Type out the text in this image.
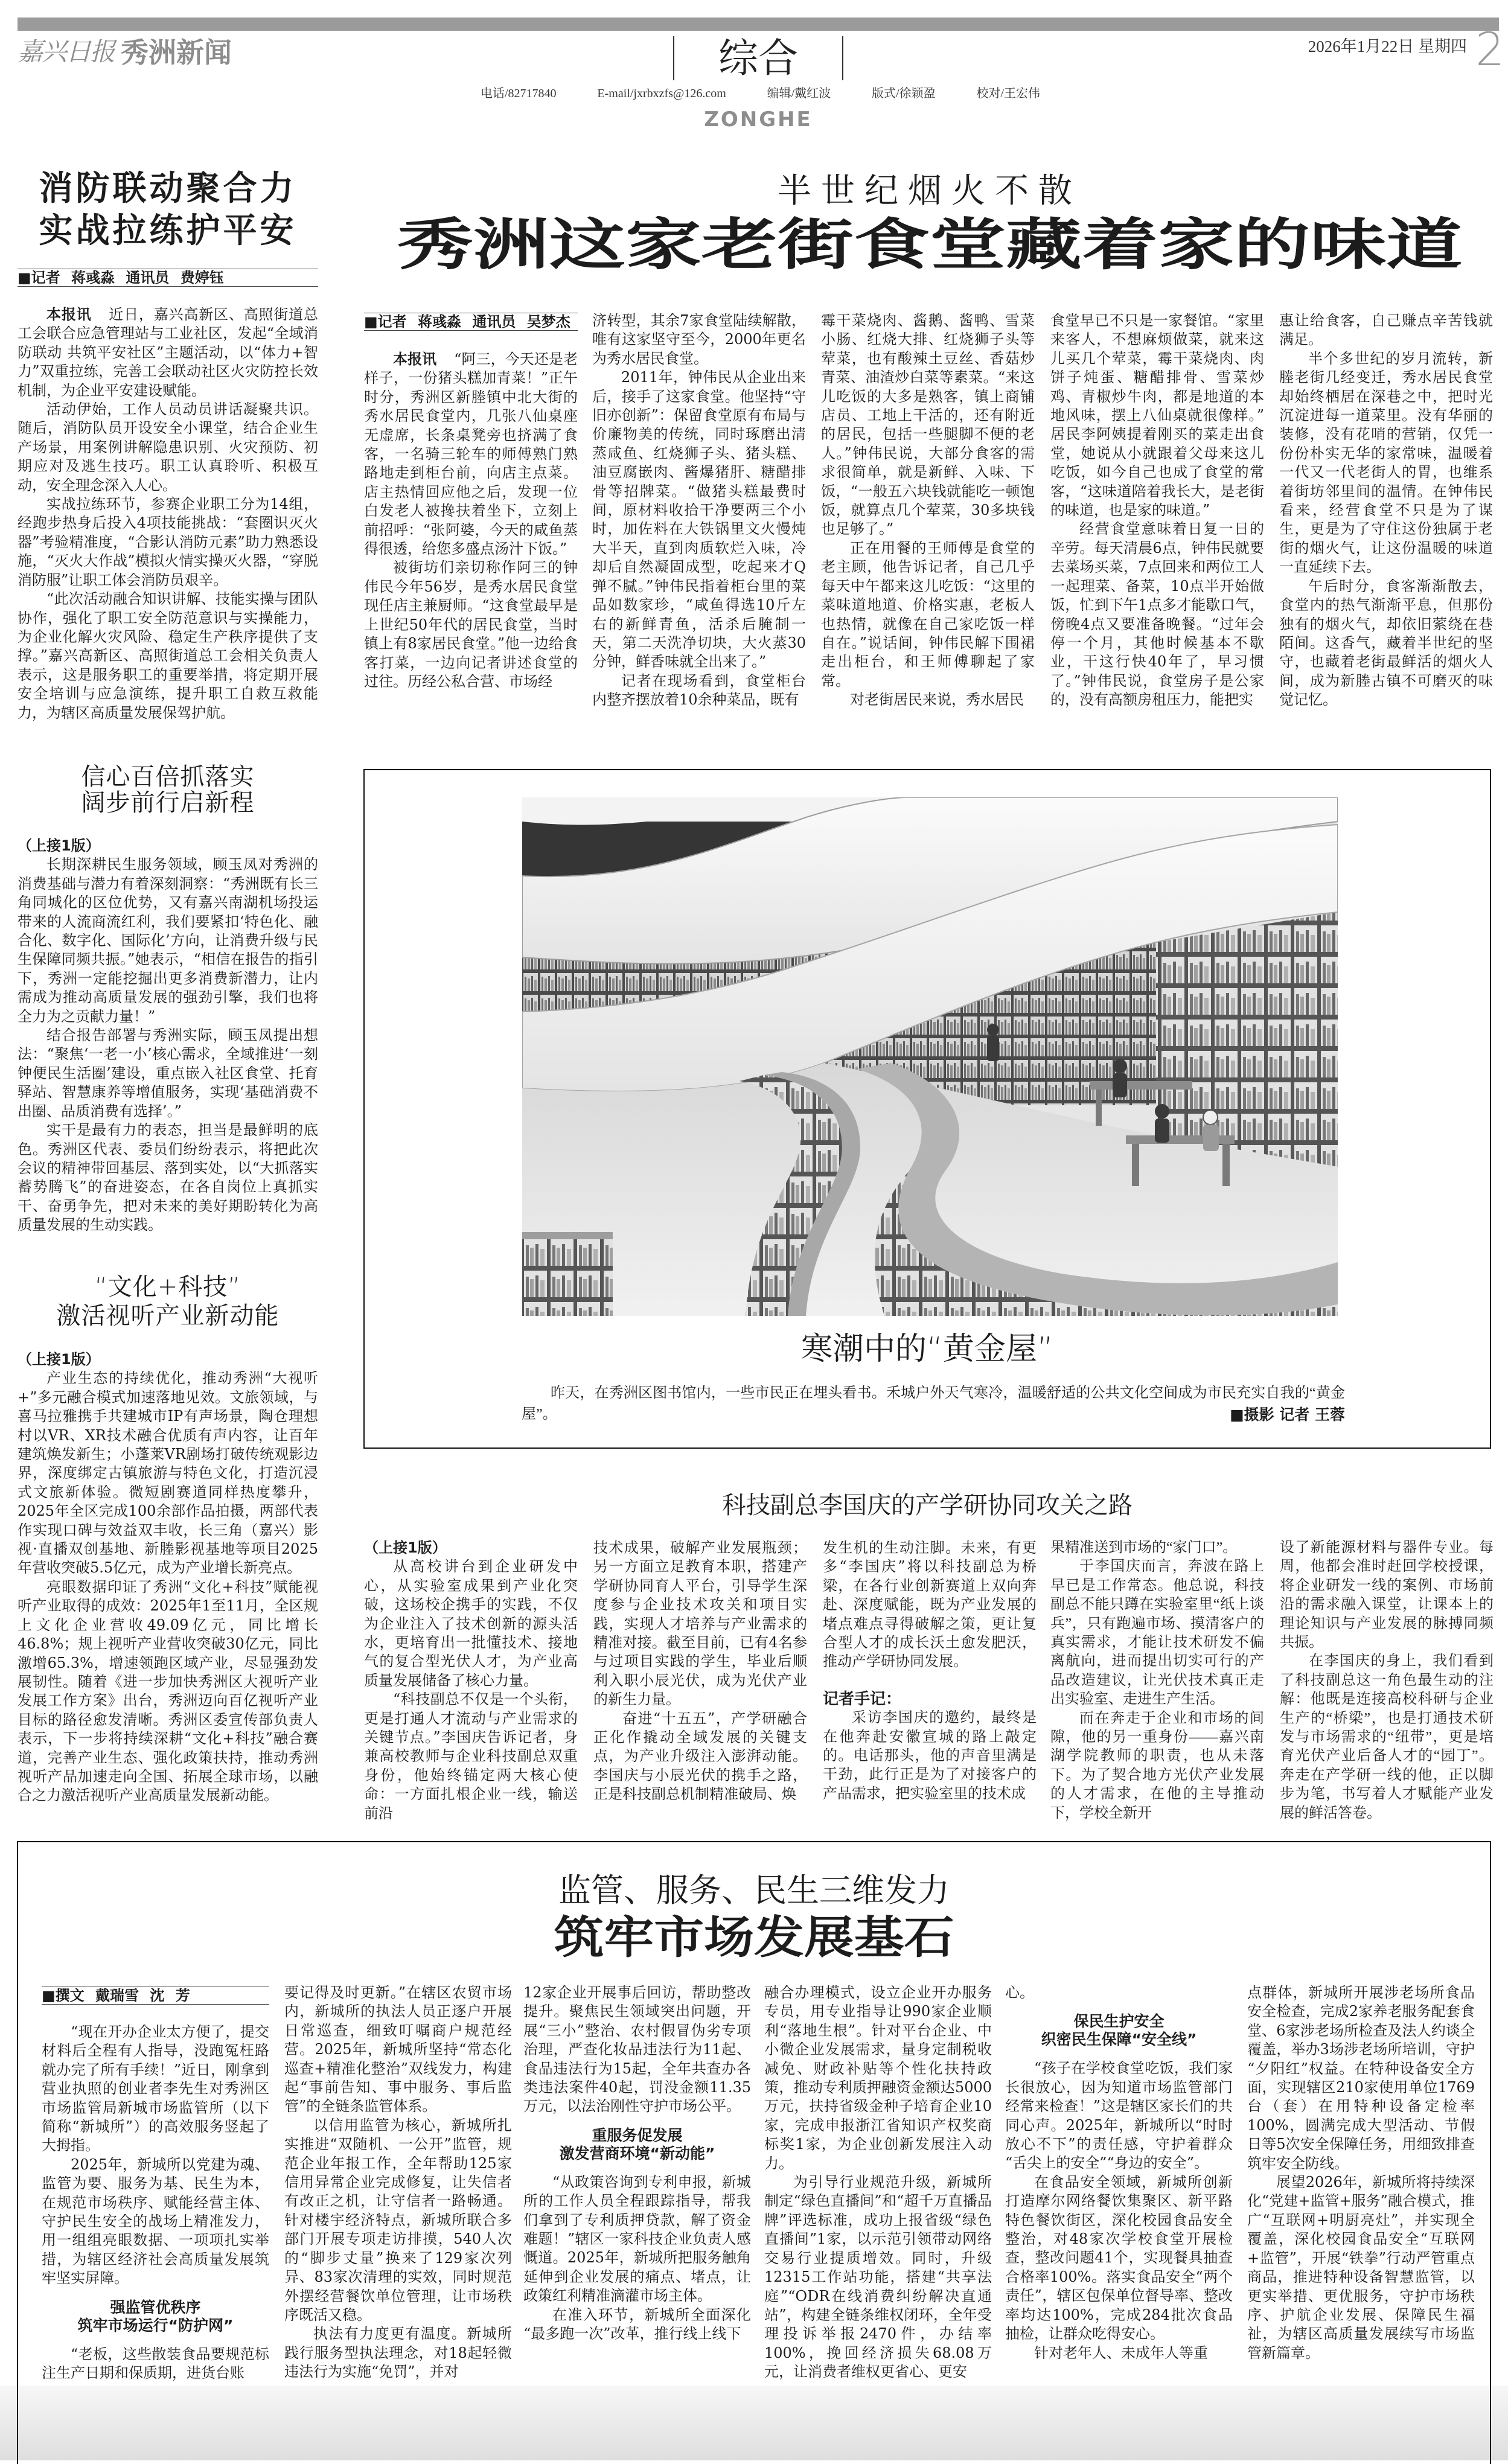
嘉兴日报 秀洲新闻	综合
电话/82717840	E-mail/jxrbxzfs@126.com	编辑/戴红波	版式/徐颖盈	校对/王宏伟
ZONGHE
2026年1月22日 星期四 2
消防联动聚合力
实战拉练护平安
■记者 蒋彧淼 通讯员 费婷钰

本报讯 近日，嘉兴高新区、高照街道总工会联合应急管理站与工业社区，发起“全域消防联动 共筑平安社区”主题活动，以“体力+智力”双重拉练，完善工会联动社区火灾防控长效机制，为企业平安建设赋能。

活动伊始，工作人员动员讲话凝聚共识。随后，消防队员开设安全小课堂，结合企业生产场景，用案例讲解隐患识别、火灾预防、初期应对及逃生技巧。职工认真聆听、积极互动，安全理念深入人心。

实战拉练环节，参赛企业职工分为14组，经跑步热身后投入4项技能挑战：“套圈识灭火器”考验精准度，“合影认消防元素”助力熟悉设施，“灭火大作战”模拟火情实操灭火器，“穿脱消防服”让职工体会消防员艰辛。

“此次活动融合知识讲解、技能实操与团队协作，强化了职工安全防范意识与实操能力，为企业化解火灾风险、稳定生产秩序提供了支撑。”嘉兴高新区、高照街道总工会相关负责人表示，这是服务职工的重要举措，将定期开展安全培训与应急演练，提升职工自救互救能力，为辖区高质量发展保驾护航。

半世纪烟火不散
秀洲这家老街食堂藏着家的味道
■记者 蒋彧淼 通讯员 吴梦杰

本报讯 “阿三，今天还是老样子，一份猪头糕加青菜！”正午时分，秀洲区新塍镇中北大街的秀水居民食堂内，几张八仙桌座无虚席，长条桌凳旁也挤满了食客，一名骑三轮车的师傅熟门熟路地走到柜台前，向店主点菜。店主热情回应他之后，发现一位白发老人被搀扶着坐下，立刻上前招呼：“张阿婆，今天的咸鱼蒸得很透，给您多盛点汤汁下饭。”

被街坊们亲切称作阿三的钟伟民今年56岁，是秀水居民食堂现任店主兼厨师。“这食堂最早是上世纪50年代的居民食堂，当时镇上有8家居民食堂。”他一边给食客打菜，一边向记者讲述食堂的过往。历经公私合营、市场经

济转型，其余7家食堂陆续解散，唯有这家坚守至今，2000年更名为秀水居民食堂。

2011年，钟伟民从企业出来后，接手了这家食堂。他坚持“守旧亦创新”：保留食堂原有布局与价廉物美的传统，同时琢磨出清蒸咸鱼、红烧狮子头、猪头糕、油豆腐嵌肉、酱爆猪肝、糖醋排骨等招牌菜。“做猪头糕最费时间，原材料收拾干净要两三个小时，加佐料在大铁锅里文火慢炖大半天，直到肉质软烂入味，冷却后自然凝固成型，吃起来才Q弹不腻。”钟伟民指着柜台里的菜品如数家珍，“咸鱼得选10斤左右的新鲜青鱼，活杀后腌制一天，第二天洗净切块，大火蒸30分钟，鲜香味就全出来了。”

记者在现场看到，食堂柜台内整齐摆放着10余种菜品，既有

霉干菜烧肉、酱鹅、酱鸭、雪菜小肠、红烧大排、红烧狮子头等荤菜，也有酸辣土豆丝、香菇炒青菜、油渣炒白菜等素菜。“来这儿吃饭的大多是熟客，镇上商铺店员、工地上干活的，还有附近的居民，包括一些腿脚不便的老人。”钟伟民说，大部分食客的需求很简单，就是新鲜、入味、下饭，“一般五六块钱就能吃一顿饱饭，就算点几个荤菜，30多块钱也足够了。”

正在用餐的王师傅是食堂的老主顾，他告诉记者，自己几乎每天中午都来这儿吃饭：“这里的菜味道地道、价格实惠，老板人也热情，就像在自己家吃饭一样自在。”说话间，钟伟民解下围裙走出柜台，和王师傅聊起了家常。

对老街居民来说，秀水居民

食堂早已不只是一家餐馆。“家里来客人，不想麻烦做菜，就来这儿买几个荤菜，霉干菜烧肉、肉饼子炖蛋、糖醋排骨、雪菜炒鸡、青椒炒牛肉，都是地道的本地风味，摆上八仙桌就很像样。”居民李阿姨提着刚买的菜走出食堂，她说从小就跟着父母来这儿吃饭，如今自己也成了食堂的常客，“这味道陪着我长大，是老街的味道，也是家的味道。”

经营食堂意味着日复一日的辛劳。每天清晨6点，钟伟民就要去菜场买菜，7点回来和两位工人一起理菜、备菜，10点半开始做饭，忙到下午1点多才能歇口气，傍晚4点又要准备晚餐。“过年会停一个月，其他时候基本不歇业，干这行快40年了，早习惯了。”钟伟民说，食堂房子是公家的，没有高额房租压力，能把实

惠让给食客，自己赚点辛苦钱就满足。

半个多世纪的岁月流转，新塍老街几经变迁，秀水居民食堂却始终栖居在深巷之中，把时光沉淀进每一道菜里。没有华丽的装修，没有花哨的营销，仅凭一份份朴实无华的家常味，温暖着一代又一代老街人的胃，也维系着街坊邻里间的温情。在钟伟民看来，经营食堂不只是为了谋生，更是为了守住这份独属于老街的烟火气，让这份温暖的味道一直延续下去。

午后时分，食客渐渐散去，食堂内的热气渐渐平息，但那份独有的烟火气，却依旧萦绕在巷陌间。这香气，藏着半世纪的坚守，也藏着老街最鲜活的烟火人间，成为新塍古镇不可磨灭的味觉记忆。

信心百倍抓落实
阔步前行启新程

（上接1版）

长期深耕民生服务领域，顾玉凤对秀洲的消费基础与潜力有着深刻洞察：“秀洲既有长三角同城化的区位优势，又有嘉兴南湖机场投运带来的人流商流红利，我们要紧扣‘特色化、融合化、数字化、国际化’方向，让消费升级与民生保障同频共振。”她表示，“相信在报告的指引下，秀洲一定能挖掘出更多消费新潜力，让内需成为推动高质量发展的强劲引擎，我们也将全力为之贡献力量！”

结合报告部署与秀洲实际，顾玉凤提出想法：“聚焦‘一老一小’核心需求，全域推进‘一刻钟便民生活圈’建设，重点嵌入社区食堂、托育驿站、智慧康养等增值服务，实现‘基础消费不出圈、品质消费有选择’。”

实干是最有力的表态，担当是最鲜明的底色。秀洲区代表、委员们纷纷表示，将把此次会议的精神带回基层、落到实处，以“大抓落实 蓄势腾飞”的奋进姿态，在各自岗位上真抓实干、奋勇争先，把对未来的美好期盼转化为高质量发展的生动实践。

“文化+科技”
激活视听产业新动能

（上接1版）

产业生态的持续优化，推动秀洲“大视听+”多元融合模式加速落地见效。文旅领域，与喜马拉雅携手共建城市IP有声场景，陶仓理想村以VR、XR技术融合优质有声内容，让百年建筑焕发新生；小蓬莱VR剧场打破传统观影边界，深度绑定古镇旅游与特色文化，打造沉浸式文旅新体验。微短剧赛道同样热度攀升，2025年全区完成100余部作品拍摄，两部代表作实现口碑与效益双丰收，长三角（嘉兴）影视·直播双创基地、新塍影视基地等项目2025年营收突破5.5亿元，成为产业增长新亮点。

亮眼数据印证了秀洲“文化+科技”赋能视听产业取得的成效：2025年1至11月，全区规上文化企业营收49.09亿元，同比增长46.8%；规上视听产业营收突破30亿元，同比激增65.3%，增速领跑区域产业，尽显强劲发展韧性。随着《进一步加快秀洲区大视听产业发展工作方案》出台，秀洲迈向百亿视听产业目标的路径愈发清晰。秀洲区委宣传部负责人表示，下一步将持续深耕“文化+科技”融合赛道，完善产业生态、强化政策扶持，推动秀洲视听产品加速走向全国、拓展全球市场，以融合之力激活视听产业高质量发展新动能。

寒潮中的“黄金屋”

昨天，在秀洲区图书馆内，一些市民正在埋头看书。禾城户外天气寒冷，温暖舒适的公共文化空间成为市民充实自我的“黄金屋”。	■摄影 记者 王蓉
科技副总李国庆的产学研协同攻关之路

（上接1版）

从高校讲台到企业研发中心，从实验室成果到产业化突破，这场校企携手的实践，不仅为企业注入了技术创新的源头活水，更培育出一批懂技术、接地气的复合型光伏人才，为产业高质量发展储备了核心力量。

“科技副总不仅是一个头衔，更是打通人才流动与产业需求的关键节点。”李国庆告诉记者，身兼高校教师与企业科技副总双重身份，他始终锚定两大核心使命：一方面扎根企业一线，输送前沿

技术成果，破解产业发展瓶颈；另一方面立足教育本职，搭建产学研协同育人平台，引导学生深度参与企业技术攻关和项目实践，实现人才培养与产业需求的精准对接。截至目前，已有4名参与过项目实践的学生，毕业后顺利入职小辰光伏，成为光伏产业的新生力量。

奋进“十五五”，产学研融合正化作撬动全域发展的关键支点，为产业升级注入澎湃动能。李国庆与小辰光伏的携手之路，正是科技副总机制精准破局、焕

发生机的生动注脚。未来，有更多“李国庆”将以科技副总为桥梁，在各行业创新赛道上双向奔赴、深度赋能，既为产业发展的堵点难点寻得破解之策，更让复合型人才的成长沃土愈发肥沃，推动产学研协同发展。

记者手记：

采访李国庆的邀约，最终是在他奔赴安徽宣城的路上敲定的。电话那头，他的声音里满是干劲，此行正是为了对接客户的产品需求，把实验室里的技术成

果精准送到市场的“家门口”。

于李国庆而言，奔波在路上早已是工作常态。他总说，科技副总不能只蹲在实验室里“纸上谈兵”，只有跑遍市场、摸清客户的真实需求，才能让技术研发不偏离航向，进而提出切实可行的产品改造建议，让光伏技术真正走出实验室、走进生产生活。

而在奔走于企业和市场的间隙，他的另一重身份——嘉兴南湖学院教师的职责，也从未落下。为了契合地方光伏产业发展的人才需求，在他的主导推动下，学校全新开

设了新能源材料与器件专业。每周，他都会准时赶回学校授课，将企业研发一线的案例、市场前沿的需求融入课堂，让课本上的理论知识与产业发展的脉搏同频共振。

在李国庆的身上，我们看到了科技副总这一角色最生动的注解：他既是连接高校科研与企业生产的“桥梁”，也是打通技术研发与市场需求的“纽带”，更是培育光伏产业后备人才的“园丁”。奔走在产学研一线的他，正以脚步为笔，书写着人才赋能产业发展的鲜活答卷。

监管、服务、民生三维发力
筑牢市场发展基石
■撰文 戴瑞雪 沈 芳

“现在开办企业太方便了，提交材料后全程有人指导，没跑冤枉路就办完了所有手续！”近日，刚拿到营业执照的创业者李先生对秀洲区市场监管局新城市场监管所（以下简称“新城所”）的高效服务竖起了大拇指。

2025年，新城所以党建为魂、监管为要、服务为基、民生为本，在规范市场秩序、赋能经营主体、守护民生安全的战场上精准发力，用一组组亮眼数据、一项项扎实举措，为辖区经济社会高质量发展筑牢坚实屏障。

强监管优秩序

筑牢市场运行“防护网”

“老板，这些散装食品要规范标注生产日期和保质期，进货台账

要记得及时更新。”在辖区农贸市场内，新城所的执法人员正逐户开展日常巡查，细致叮嘱商户规范经营。2025年，新城所坚持“常态化巡查+精准化整治”双线发力，构建起“事前告知、事中服务、事后监管”的全链条监管体系。

以信用监管为核心，新城所扎实推进“双随机、一公开”监管，规范企业年报工作，全年帮助125家信用异常企业完成修复，让失信者有改正之机，让守信者一路畅通。针对楼宇经济特点，新城所联合多部门开展专项走访排摸，540人次的“脚步丈量”换来了129家次列异、83家次清理的实效，同时规范外摆经营餐饮单位管理，让市场秩序既活又稳。

执法有力度更有温度。新城所践行服务型执法理念，对18起轻微违法行为实施“免罚”，并对

12家企业开展事后回访，帮助整改提升。聚焦民生领域突出问题，开展“三小”整治、农村假冒伪劣专项治理，严查化妆品违法行为11起、食品违法行为15起，全年共查办各类违法案件40起，罚没金额11.35万元，以法治刚性守护市场公平。

重服务促发展

激发营商环境“新动能”

“从政策咨询到专利申报，新城所的工作人员全程跟踪指导，帮我们拿到了专利质押贷款，解了资金难题！”辖区一家科技企业负责人感慨道。2025年，新城所把服务触角延伸到企业发展的痛点、堵点，让政策红利精准滴灌市场主体。

在准入环节，新城所全面深化“最多跑一次”改革，推行线上线下

融合办理模式，设立企业开办服务专员，用专业指导让990家企业顺利“落地生根”。针对平台企业、中小微企业发展需求，量身定制税收减免、财政补贴等个性化扶持政策，推动专利质押融资金额达5000万元，扶持省级金种子培育企业10家，完成申报浙江省知识产权奖商标奖1家，为企业创新发展注入动力。

为引导行业规范升级，新城所制定“绿色直播间”和“超千万直播品牌”评选标准，成功上报省级“绿色直播间”1家，以示范引领带动网络交易行业提质增效。同时，升级12315工作站功能，搭建“共享法庭”“ODR在线消费纠纷解决直通站”，构建全链条维权闭环，全年受理投诉举报2470件，办结率100%，挽回经济损失68.08万元，让消费者维权更省心、更安

心。

保民生护安全

织密民生保障“安全线”

“孩子在学校食堂吃饭，我们家长很放心，因为知道市场监管部门经常来检查！”这是辖区家长们的共同心声。2025年，新城所以“时时放心不下”的责任感，守护着群众“舌尖上的安全”“身边的安全”。

在食品安全领域，新城所创新打造摩尔网络餐饮集聚区、新平路特色餐饮街区，深化校园食品安全整治，对48家次学校食堂开展检查，整改问题41个，实现餐具抽查合格率100%。落实食品安全“两个责任”，辖区包保单位督导率、整改率均达100%，完成284批次食品抽检，让群众吃得安心。

针对老年人、未成年人等重

点群体，新城所开展涉老场所食品安全检查，完成2家养老服务配套食堂、6家涉老场所检查及法人约谈全覆盖，举办3场涉老场所培训，守护“夕阳红”权益。在特种设备安全方面，实现辖区210家使用单位1769台（套）在用特种设备定检率100%，圆满完成大型活动、节假日等5次安全保障任务，用细致排查筑牢安全防线。

展望2026年，新城所将持续深化“党建+监管+服务”融合模式，推广“互联网+明厨亮灶”，并实现全覆盖，深化校园食品安全“互联网+监管”，开展“铁拳”行动严管重点商品，推进特种设备智慧监管，以更实举措、更优服务，守护市场秩序、护航企业发展、保障民生福祉，为辖区高质量发展续写市场监管新篇章。
